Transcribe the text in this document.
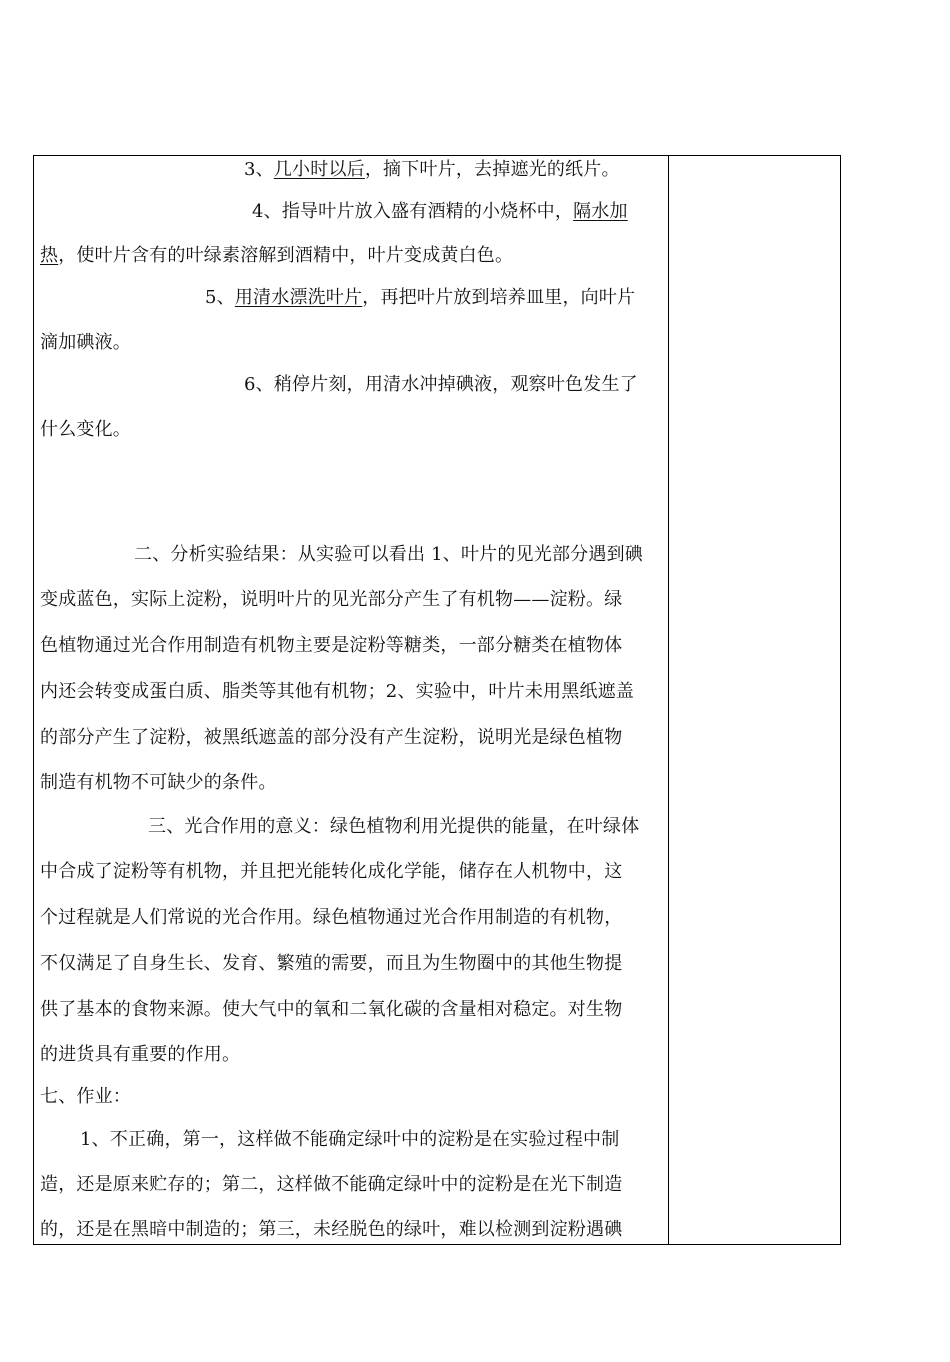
3、几小时以后，摘下叶片，去掉遮光的纸片。
4、指导叶片放入盛有酒精的小烧杯中，隔水加
热，使叶片含有的叶绿素溶解到酒精中，叶片变成黄白色。
5、用清水漂洗叶片，再把叶片放到培养皿里，向叶片
滴加碘液。
6、稍停片刻，用清水冲掉碘液，观察叶色发生了
什么变化。
二、分析实验结果：从实验可以看出 1、叶片的见光部分遇到碘
变成蓝色，实际上淀粉，说明叶片的见光部分产生了有机物——淀粉。绿
色植物通过光合作用制造有机物主要是淀粉等糖类，一部分糖类在植物体
内还会转变成蛋白质、脂类等其他有机物；2、实验中，叶片未用黑纸遮盖
的部分产生了淀粉，被黑纸遮盖的部分没有产生淀粉，说明光是绿色植物
制造有机物不可缺少的条件。
三、光合作用的意义：绿色植物利用光提供的能量，在叶绿体
中合成了淀粉等有机物，并且把光能转化成化学能，储存在人机物中，这
个过程就是人们常说的光合作用。绿色植物通过光合作用制造的有机物，
不仅满足了自身生长、发育、繁殖的需要，而且为生物圈中的其他生物提
供了基本的食物来源。使大气中的氧和二氧化碳的含量相对稳定。对生物
的进货具有重要的作用。
七、作业：
1、不正确，第一，这样做不能确定绿叶中的淀粉是在实验过程中制
造，还是原来贮存的；第二，这样做不能确定绿叶中的淀粉是在光下制造
的，还是在黑暗中制造的；第三，未经脱色的绿叶，难以检测到淀粉遇碘
